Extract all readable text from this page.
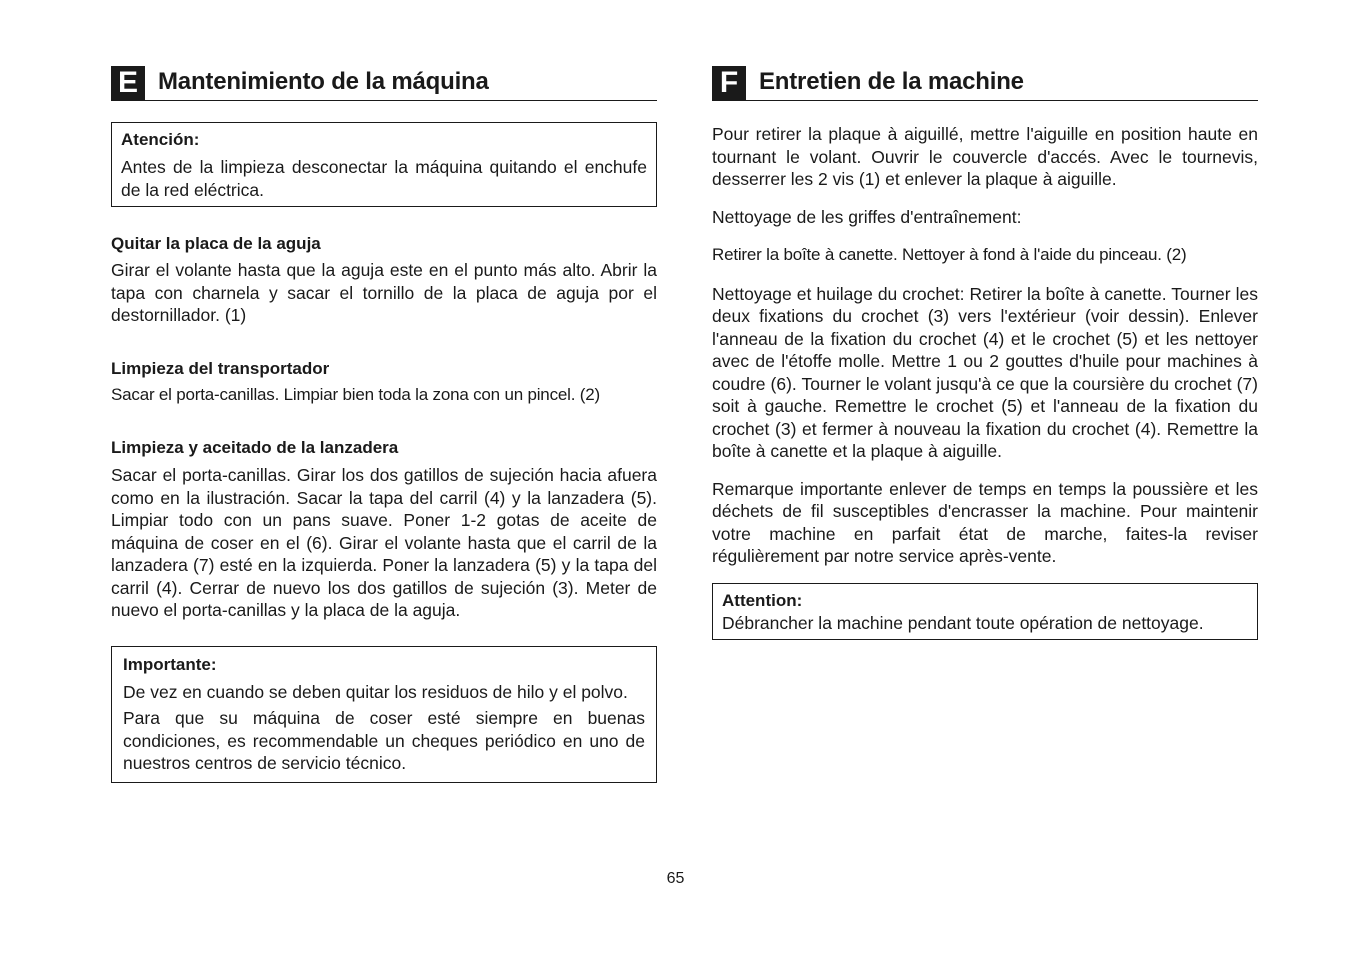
E Mantenimiento de la máquina
Atención:

Antes de la limpieza desconectar la máquina quitando el enchufe de la red eléctrica.

Quitar la placa de la aguja

Girar el volante hasta que la aguja este en el punto más alto. Abrir la tapa con charnela y sacar el tornillo de la placa de aguja por el destornillador. (1)

Limpieza del transportador

Sacar el porta-canillas. Limpiar bien toda la zona con un pincel. (2)

Limpieza y aceitado de la lanzadera

Sacar el porta-canillas. Girar los dos gatillos de sujeción hacia afuera como en la ilustración. Sacar la tapa del carril (4) y la lanzadera (5). Limpiar todo con un pans suave. Poner 1-2 gotas de aceite de máquina de coser en el (6). Girar el volante hasta que el carril de la lanzadera (7) esté en la izquierda. Poner la lanzadera (5) y la tapa del carril (4). Cerrar de nuevo los dos gatillos de sujeción (3). Meter de nuevo el porta-canillas y la placa de la aguja.

Importante:

De vez en cuando se deben quitar los residuos de hilo y el polvo.

Para que su máquina de coser esté siempre en buenas condiciones, es recommendable un cheques periódico en uno de nuestros centros de servicio técnico.

F Entretien de la machine

Pour retirer la plaque à aiguillé, mettre l'aiguille en position haute en tournant le volant. Ouvrir le couvercle d'accés. Avec le tournevis, desserrer les 2 vis (1) et enlever la plaque à aiguille.

Nettoyage de les griffes d'entraînement:

Retirer la boîte à canette. Nettoyer à fond à l'aide du pinceau. (2)

Nettoyage et huilage du crochet: Retirer la boîte à canette. Tourner les deux fixations du crochet (3) vers l'extérieur (voir dessin). Enlever l'anneau de la fixation du crochet (4) et le crochet (5) et les nettoyer avec de l'étoffe molle. Mettre 1 ou 2 gouttes d'huile pour machines à coudre (6). Tourner le volant jusqu'à ce que la coursière du crochet (7) soit à gauche. Remettre le crochet (5) et l'anneau de la fixation du crochet (3) et fermer à nouveau la fixation du crochet (4). Remettre la boîte à canette et la plaque à aiguille.

Remarque importante enlever de temps en temps la poussière et les déchets de fil susceptibles d'encrasser la machine. Pour maintenir votre machine en parfait état de marche, faites-la reviser régulièrement par notre service après-vente.

Attention:

Débrancher la machine pendant toute opération de nettoyage.

65
